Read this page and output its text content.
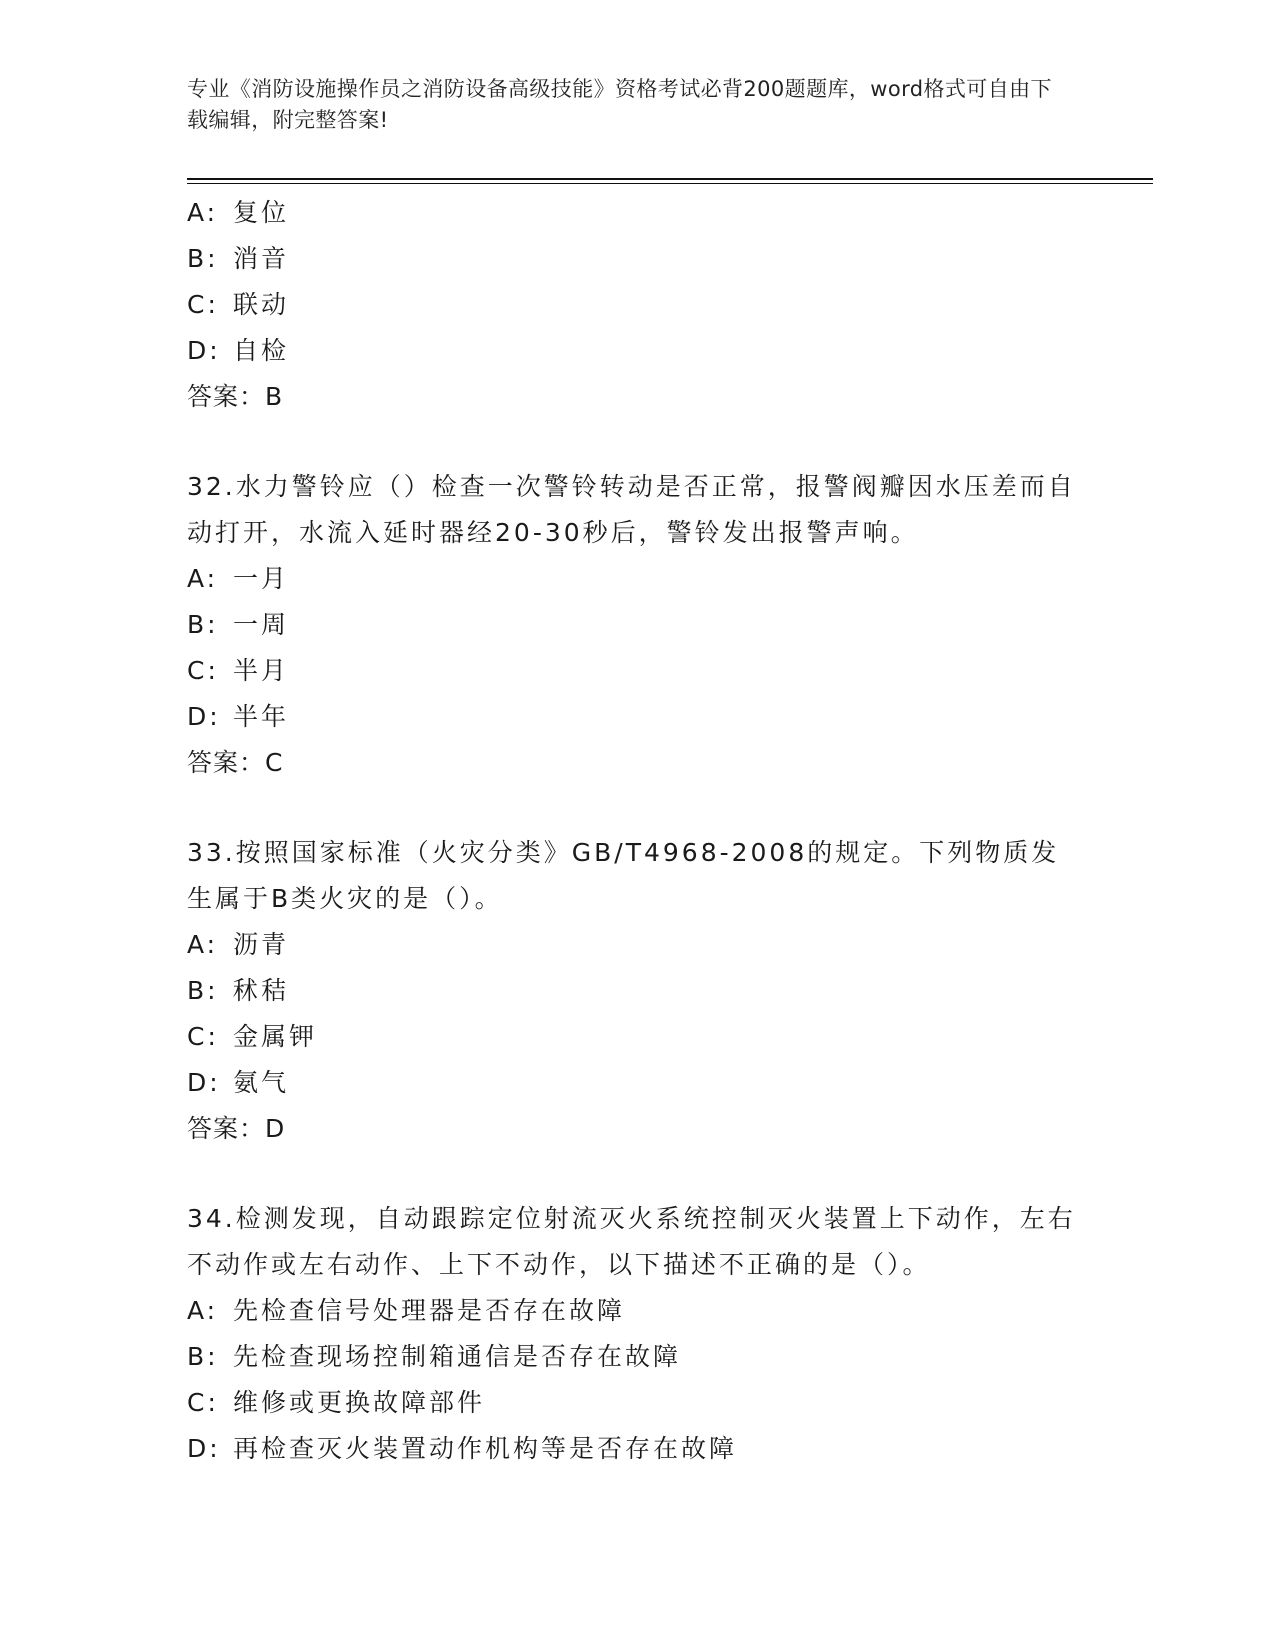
专业《消防设施操作员之消防设备高级技能》资格考试必背200题题库，word格式可自由下载编辑，附完整答案!

A: 复位

B: 消音

C: 联动

D: 自检

答案：B

32.水力警铃应（）检查一次警铃转动是否正常，报警阀瓣因水压差而自动打开，水流入延时器经20-30秒后，警铃发出报警声响。

A: 一月

B: 一周

C: 半月

D: 半年

答案：C

33.按照国家标准（火灾分类》GB/T4968-2008的规定。下列物质发生属于B类火灾的是（）。

A: 沥青

B: 秫秸

C: 金属钾

D: 氨气

答案：D

34.检测发现，自动跟踪定位射流灭火系统控制灭火装置上下动作，左右不动作或左右动作、上下不动作，以下描述不正确的是（）。

A: 先检查信号处理器是否存在故障

B: 先检查现场控制箱通信是否存在故障

C: 维修或更换故障部件

D: 再检查灭火装置动作机构等是否存在故障
